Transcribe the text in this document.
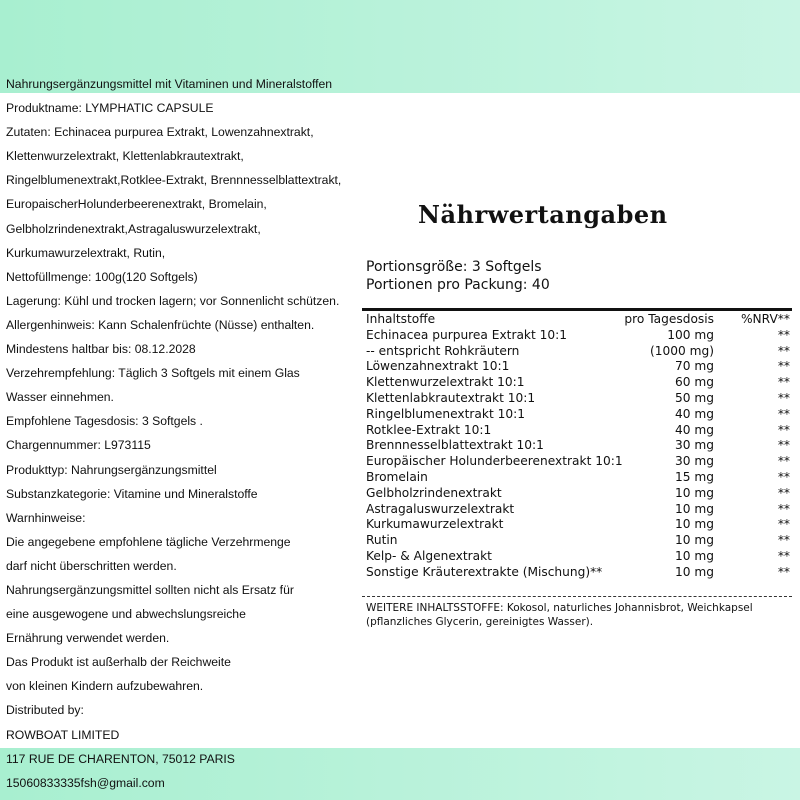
Nahrungsergänzungsmittel mit Vitaminen und Mineralstoffen
Produktname: LYMPHATIC CAPSULE
Zutaten: Echinacea purpurea Extrakt, Lowenzahnextrakt,
Klettenwurzelextrakt, Klettenlabkrautextrakt,
Ringelblumenextrakt,Rotklee-Extrakt, Brennnesselblattextrakt,
EuropaischerHolunderbeerenextrakt, Bromelain,
Gelbholzrindenextrakt,Astragaluswurzelextrakt,
Kurkumawurzelextrakt, Rutin,
Nettofüllmenge: 100g(120 Softgels)
Lagerung: Kühl und trocken lagern; vor Sonnenlicht schützen.
Allergenhinweis: Kann Schalenfrüchte (Nüsse) enthalten.
Mindestens haltbar bis: 08.12.2028
Verzehrempfehlung: Täglich 3 Softgels mit einem Glas
Wasser einnehmen.
Empfohlene Tagesdosis: 3 Softgels .
Chargennummer: L973115
Produkttyp: Nahrungsergänzungsmittel
Substanzkategorie: Vitamine und Mineralstoffe
Warnhinweise:
Die angegebene empfohlene tägliche Verzehrmenge
darf nicht überschritten werden.
Nahrungsergänzungsmittel sollten nicht als Ersatz für
eine ausgewogene und abwechslungsreiche
Ernährung verwendet werden.
Das Produkt ist außerhalb der Reichweite
von kleinen Kindern aufzubewahren.
Distributed by:
ROWBOAT LIMITED
117 RUE DE CHARENTON, 75012 PARIS
15060833335fsh@gmail.com
Nährwertangaben
Portionsgröße: 3 Softgels
Portionen pro Packung: 40
Inhaltstoffe	pro Tagesdosis %NRV**
Echinacea purpurea Extrakt 10:1	100 mg	**
-- entspricht Rohkräutern	(1000 mg)	**
Löwenzahnextrakt 10:1	70 mg	**
Klettenwurzelextrakt 10:1	60 mg	**
Klettenlabkrautextrakt 10:1	50 mg	**
Ringelblumenextrakt 10:1	40 mg	**
Rotklee-Extrakt 10:1	40 mg	**
Brennnesselblattextrakt 10:1	30 mg	**
Europäischer Holunderbeerenextrakt 10:1	30 mg	**
Bromelain	15 mg	**
Gelbholzrindenextrakt	10 mg	**
Astragaluswurzelextrakt	10 mg	**
Kurkumawurzelextrakt	10 mg	**
Rutin	10 mg	**
Kelp- & Algenextrakt	10 mg	**
Sonstige Kräuterextrakte (Mischung)**	10 mg	**
WEITERE INHALTSSTOFFE: Kokosol, naturliches Johannisbrot, Weichkapsel (pflanzliches Glycerin, gereinigtes Wasser).
